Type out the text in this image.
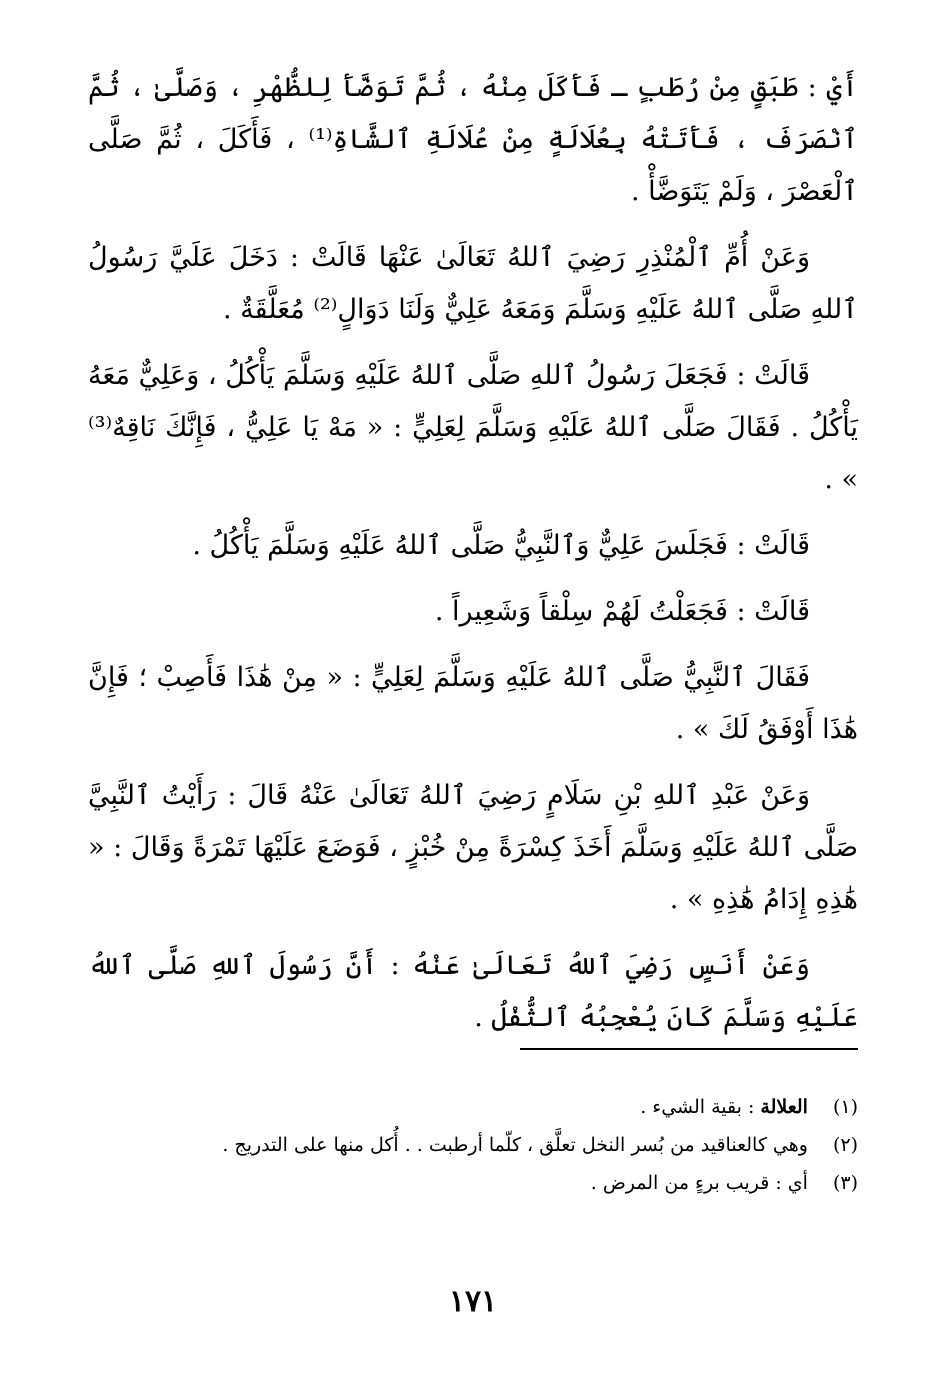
أَيْ : طَبَقٍ مِنْ رُطَبٍ ـ فَأَكَلَ مِنْهُ ، ثُمَّ تَوَضَّأَ لِلظُّهْرِ ، وَصَلَّىٰ ، ثُمَّ ٱنْصَرَفَ ، فَأَتَتْهُ بِعُلَالَةٍ مِنْ عُلَالَةِ ٱلشَّاةِ⁽¹⁾ ، فَأَكَلَ ، ثُمَّ صَلَّى ٱلْعَصْرَ ، وَلَمْ يَتَوَضَّأْ .

وَعَنْ أُمِّ ٱلْمُنْذِرِ رَضِيَ ٱللهُ تَعَالَىٰ عَنْهَا قَالَتْ : دَخَلَ عَلَيَّ رَسُولُ ٱللهِ صَلَّى ٱللهُ عَلَيْهِ وَسَلَّمَ وَمَعَهُ عَلِيٌّ وَلَنَا دَوَالٍ⁽²⁾ مُعَلَّقَةٌ .

قَالَتْ : فَجَعَلَ رَسُولُ ٱللهِ صَلَّى ٱللهُ عَلَيْهِ وَسَلَّمَ يَأْكُلُ ، وَعَلِيٌّ مَعَهُ يَأْكُلُ . فَقَالَ صَلَّى ٱللهُ عَلَيْهِ وَسَلَّمَ لِعَلِيٍّ : « مَهْ يَا عَلِيُّ ، فَإِنَّكَ نَاقِهٌ⁽³⁾ » .

قَالَتْ : فَجَلَسَ عَلِيٌّ وَٱلنَّبِيُّ صَلَّى ٱللهُ عَلَيْهِ وَسَلَّمَ يَأْكُلُ .

قَالَتْ : فَجَعَلْتُ لَهُمْ سِلْقاً وَشَعِيراً .

فَقَالَ ٱلنَّبِيُّ صَلَّى ٱللهُ عَلَيْهِ وَسَلَّمَ لِعَلِيٍّ : « مِنْ هَٰذَا فَأَصِبْ ؛ فَإِنَّ هَٰذَا أَوْفَقُ لَكَ » .

وَعَنْ عَبْدِ ٱللهِ بْنِ سَلَامٍ رَضِيَ ٱللهُ تَعَالَىٰ عَنْهُ قَالَ : رَأَيْتُ ٱلنَّبِيَّ صَلَّى ٱللهُ عَلَيْهِ وَسَلَّمَ أَخَذَ كِسْرَةً مِنْ خُبْزٍ ، فَوَضَعَ عَلَيْهَا تَمْرَةً وَقَالَ : « هَٰذِهِ إِدَامُ هَٰذِهِ » .

وَعَنْ أَنَسٍ رَضِيَ ٱللهُ تَعَالَىٰ عَنْهُ : أَنَّ رَسُولَ ٱللهِ صَلَّى ٱللهُ عَلَيْهِ وَسَلَّمَ كَانَ يُعْجِبُهُ ٱلثُّفْلُ .

(١) العلالة : بقية الشيء .
(٢) وهي كالعناقيد من بُسر النخل تعلَّق ، كلّما أرطبت . . أُكل منها على التدريج .
(٣) أي : قريب برءٍ من المرض .
١٧١
